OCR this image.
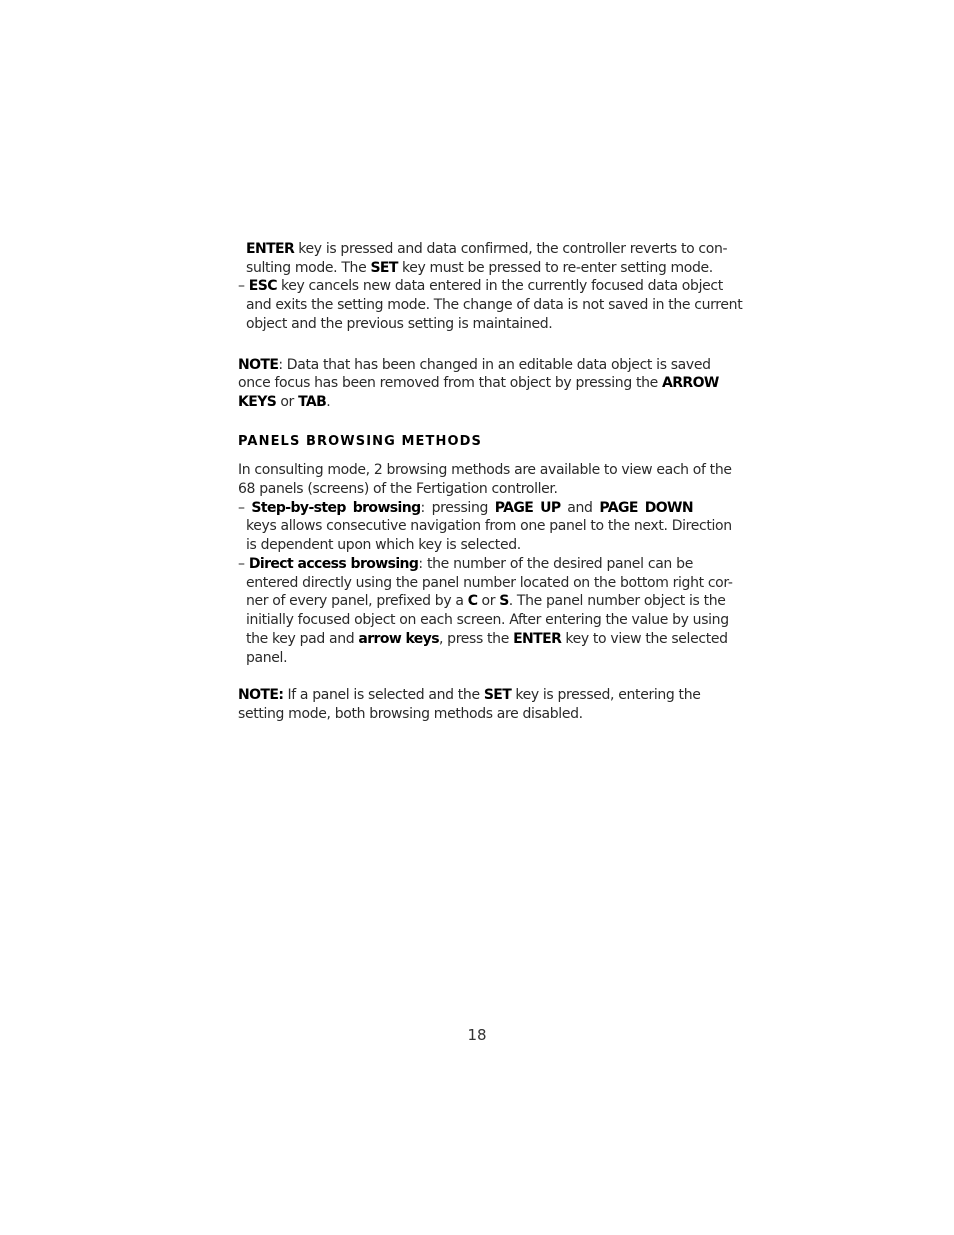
ENTER key is pressed and data confirmed, the controller reverts to con-
sulting mode. The SET key must be pressed to re-enter setting mode.
– ESC key cancels new data entered in the currently focused data object
and exits the setting mode. The change of data is not saved in the current
object and the previous setting is maintained.
NOTE: Data that has been changed in an editable data object is saved
once focus has been removed from that object by pressing the ARROW
KEYS or TAB.
PANELS BROWSING METHODS
In consulting mode, 2 browsing methods are available to view each of the
68 panels (screens) of the Fertigation controller.
– Step-by-step browsing: pressing PAGE UP and PAGE DOWN
keys allows consecutive navigation from one panel to the next. Direction
is dependent upon which key is selected.
– Direct access browsing: the number of the desired panel can be
entered directly using the panel number located on the bottom right cor-
ner of every panel, prefixed by a C or S. The panel number object is the
initially focused object on each screen. After entering the value by using
the key pad and arrow keys, press the ENTER key to view the selected
panel.
NOTE: If a panel is selected and the SET key is pressed, entering the
setting mode, both browsing methods are disabled.
18
